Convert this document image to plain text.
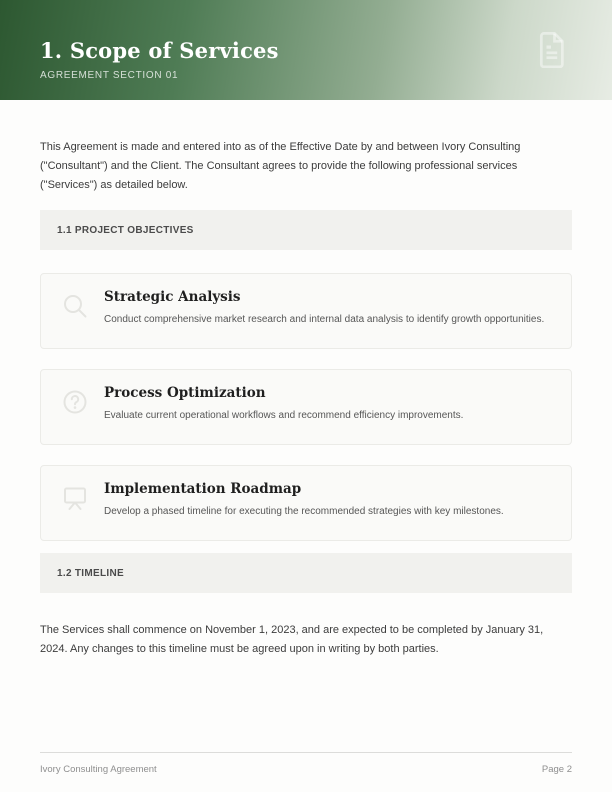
1. Scope of Services
AGREEMENT SECTION 01

This Agreement is made and entered into as of the Effective Date by and between Ivory Consulting ("Consultant") and the Client. The Consultant agrees to provide the following professional services ("Services") as detailed below.

1.1 PROJECT OBJECTIVES
Strategic Analysis

Conduct comprehensive market research and internal data analysis to identify growth opportunities.

Process Optimization

Evaluate current operational workflows and recommend efficiency improvements.

Implementation Roadmap

Develop a phased timeline for executing the recommended strategies with key milestones.

1.2 TIMELINE

The Services shall commence on November 1, 2023, and are expected to be completed by January 31, 2024. Any changes to this timeline must be agreed upon in writing by both parties.

Ivory Consulting Agreement	Page 2
